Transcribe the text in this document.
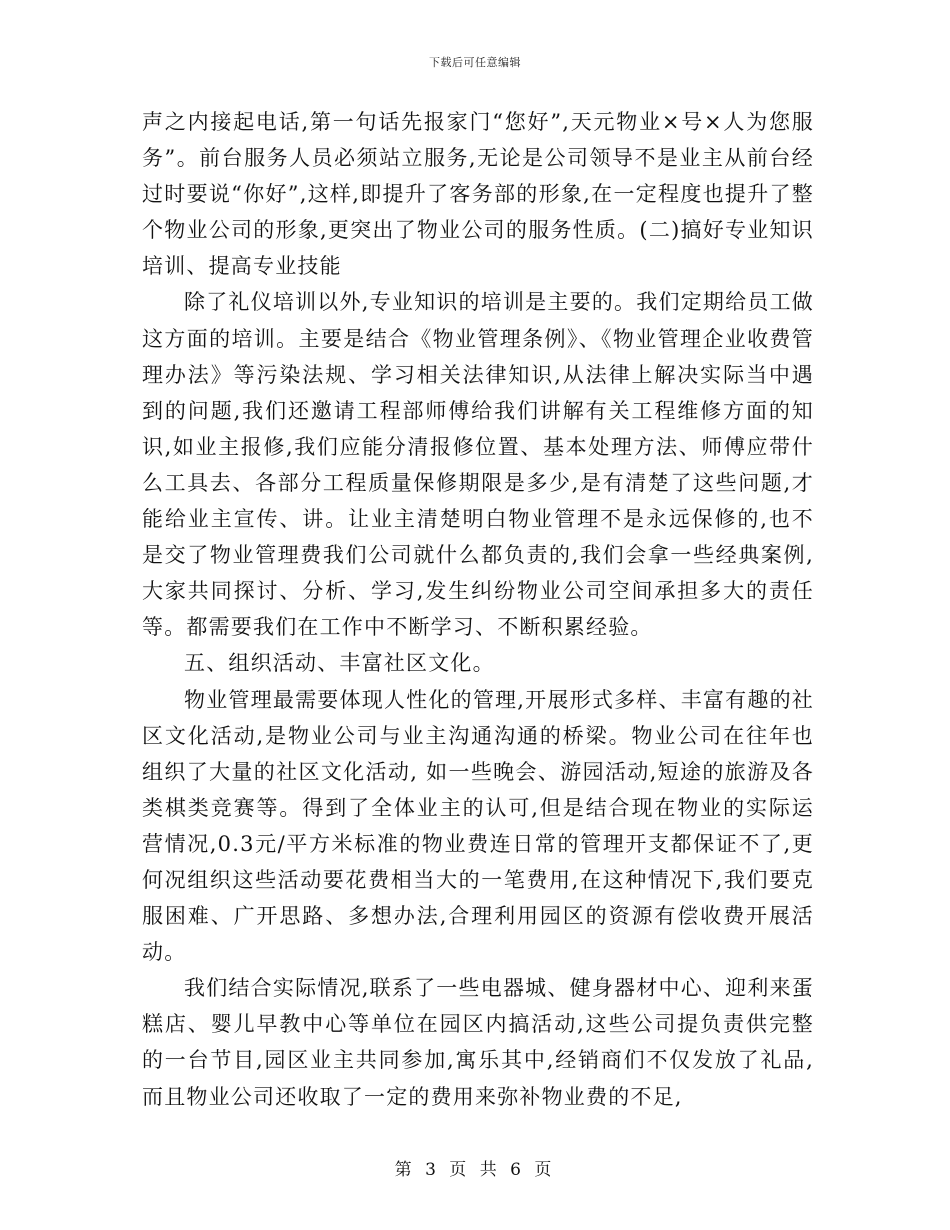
下载后可任意编辑

声之内接起电话,第一句话先报家门“您好”,天元物业×号×人为您服务”。前台服务人员必须站立服务,无论是公司领导不是业主从前台经过时要说“你好”,这样,即提升了客务部的形象,在一定程度也提升了整个物业公司的形象,更突出了物业公司的服务性质。(二)搞好专业知识培训、提高专业技能

除了礼仪培训以外,专业知识的培训是主要的。我们定期给员工做这方面的培训。主要是结合《物业管理条例》、《物业管理企业收费管理办法》等污染法规、学习相关法律知识,从法律上解决实际当中遇到的问题,我们还邀请工程部师傅给我们讲解有关工程维修方面的知识,如业主报修,我们应能分清报修位置、基本处理方法、师傅应带什么工具去、各部分工程质量保修期限是多少,是有清楚了这些问题,才能给业主宣传、讲。让业主清楚明白物业管理不是永远保修的,也不是交了物业管理费我们公司就什么都负责的,我们会拿一些经典案例,大家共同探讨、分析、学习,发生纠纷物业公司空间承担多大的责任等。都需要我们在工作中不断学习、不断积累经验。

五、组织活动、丰富社区文化。

物业管理最需要体现人性化的管理,开展形式多样、丰富有趣的社区文化活动,是物业公司与业主沟通沟通的桥梁。物业公司在往年也组织了大量的社区文化活动, 如一些晚会、游园活动,短途的旅游及各类棋类竞赛等。得到了全体业主的认可,但是结合现在物业的实际运营情况,0.3元/平方米标准的物业费连日常的管理开支都保证不了,更何况组织这些活动要花费相当大的一笔费用,在这种情况下,我们要克服困难、广开思路、多想办法,合理利用园区的资源有偿收费开展活动。

我们结合实际情况,联系了一些电器城、健身器材中心、迎利来蛋糕店、婴儿早教中心等单位在园区内搞活动,这些公司提负责供完整的一台节目,园区业主共同参加,寓乐其中,经销商们不仅发放了礼品,而且物业公司还收取了一定的费用来弥补物业费的不足,

第 3 页 共 6 页
